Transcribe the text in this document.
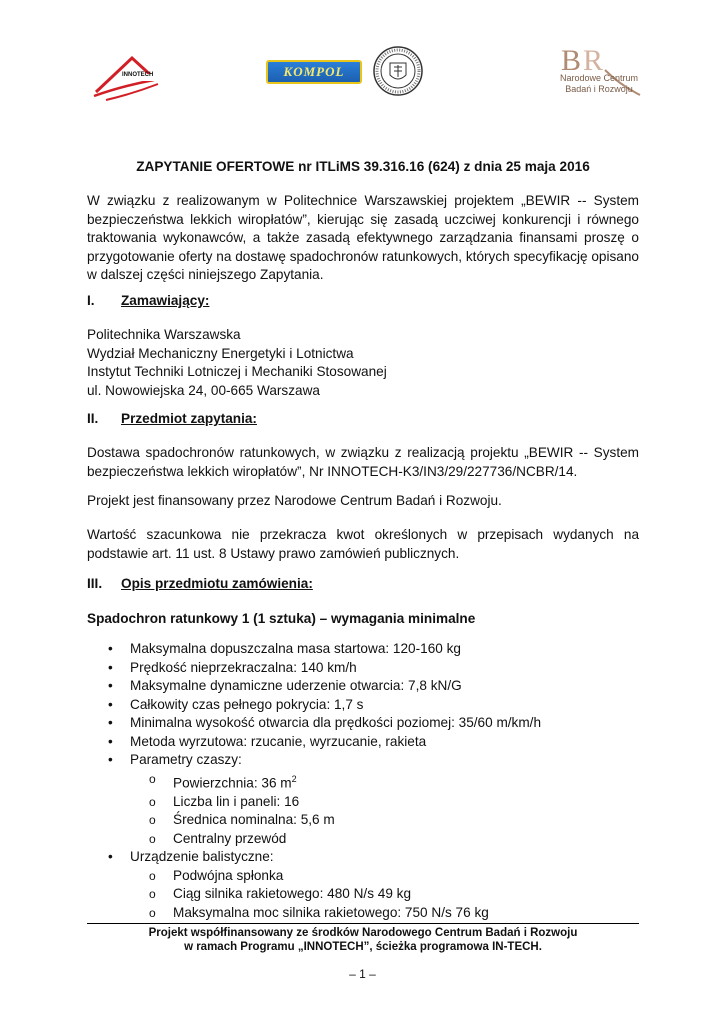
INNOTECH	KOMPOL	B R
Narodowe Centrum
Badań i Rozwoju
ZAPYTANIE OFERTOWE nr ITLiMS 39.316.16 (624) z dnia 25 maja 2016
W związku z realizowanym w Politechnice Warszawskiej projektem „BEWIR -- System bezpieczeństwa lekkich wiropłatów”, kierując się zasadą uczciwej konkurencji i równego traktowania wykonawców, a także zasadą efektywnego zarządzania finansami proszę o przygotowanie oferty na dostawę spadochronów ratunkowych, których specyfikację opisano w dalszej części niniejszego Zapytania.
I. Zamawiający:
Politechnika Warszawska
Wydział Mechaniczny Energetyki i Lotnictwa
Instytut Techniki Lotniczej i Mechaniki Stosowanej
ul. Nowowiejska 24, 00-665 Warszawa
II. Przedmiot zapytania:
Dostawa spadochronów ratunkowych, w związku z realizacją projektu „BEWIR -- System bezpieczeństwa lekkich wiropłatów”, Nr INNOTECH-K3/IN3/29/227736/NCBR/14.
Projekt jest finansowany przez Narodowe Centrum Badań i Rozwoju.
Wartość szacunkowa nie przekracza kwot określonych w przepisach wydanych na podstawie art. 11 ust. 8 Ustawy prawo zamówień publicznych.
III. Opis przedmiotu zamówienia:
Spadochron ratunkowy 1 (1 sztuka) – wymagania minimalne
• Maksymalna dopuszczalna masa startowa: 120-160 kg
• Prędkość nieprzekraczalna: 140 km/h
• Maksymalne dynamiczne uderzenie otwarcia: 7,8 kN/G
• Całkowity czas pełnego pokrycia: 1,7 s
• Minimalna wysokość otwarcia dla prędkości poziomej: 35/60 m/km/h
• Metoda wyrzutowa: rzucanie, wyrzucanie, rakieta
• Parametry czaszy:
o Powierzchnia: 36 $m^2$
o Liczba lin i paneli: 16
o Średnica nominalna: 5,6 m
o Centralny przewód
• Urządzenie balistyczne:
o Podwójna spłonka
o Ciąg silnika rakietowego: 480 N/s 49 kg
o Maksymalna moc silnika rakietowego: 750 N/s 76 kg
Projekt współfinansowany ze środków Narodowego Centrum Badań i Rozwoju
w ramach Programu „INNOTECH”, ścieżka programowa IN-TECH.
– 1 –
